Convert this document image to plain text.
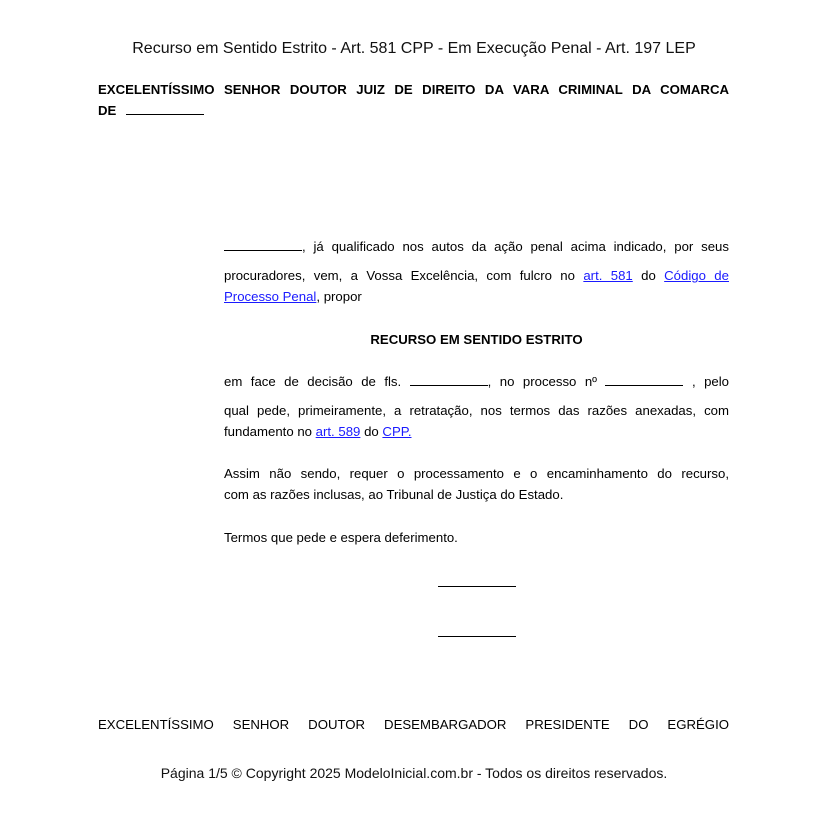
Recurso em Sentido Estrito - Art. 581 CPP - Em Execução Penal - Art. 197 LEP
EXCELENTÍSSIMO SENHOR DOUTOR JUIZ DE DIREITO DA VARA CRIMINAL DA COMARCA
DE
, já qualificado nos autos da ação penal acima indicado, por seus
procuradores, vem, a Vossa Excelência, com fulcro no art. 581 do Código de
Processo Penal, propor
RECURSO EM SENTIDO ESTRITO
em face de decisão de fls.	, no processo nº	, pelo
qual pede, primeiramente, a retratação, nos termos das razões anexadas, com
fundamento no art. 589 do CPP.
Assim não sendo, requer o processamento e o encaminhamento do recurso,
com as razões inclusas, ao Tribunal de Justiça do Estado.
Termos que pede e espera deferimento.
EXCELENTÍSSIMO SENHOR DOUTOR DESEMBARGADOR PRESIDENTE DO EGRÉGIO
Página 1/5 © Copyright 2025 ModeloInicial.com.br - Todos os direitos reservados.
